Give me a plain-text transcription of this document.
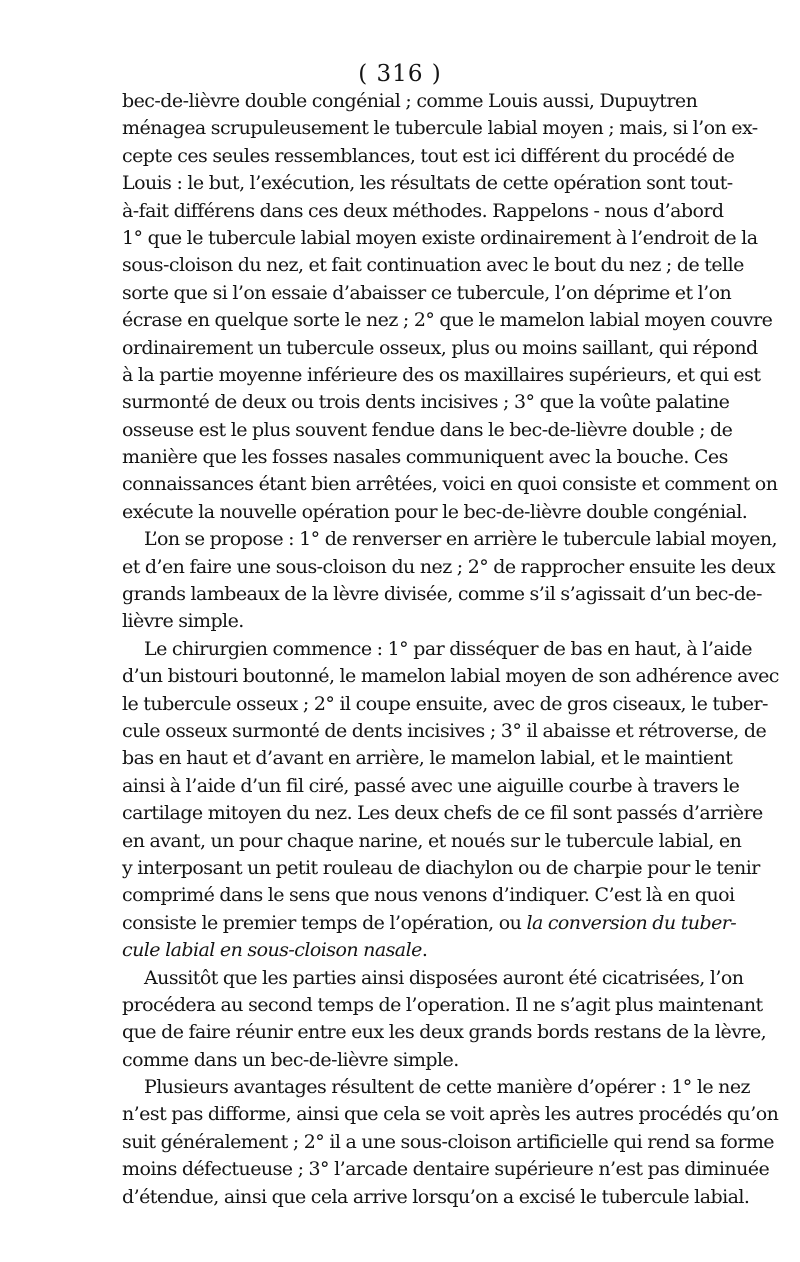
( 316 )

bec-de-lièvre double congénial ; comme Louis aussi, Dupuytren
ménagea scrupuleusement le tubercule labial moyen ; mais, si l’on ex-
cepte ces seules ressemblances, tout est ici différent du procédé de
Louis : le but, l’exécution, les résultats de cette opération sont tout-
à-fait différens dans ces deux méthodes. Rappelons - nous d’abord
1° que le tubercule labial moyen existe ordinairement à l’endroit de la
sous-cloison du nez, et fait continuation avec le bout du nez ; de telle
sorte que si l’on essaie d’abaisser ce tubercule, l’on déprime et l’on
écrase en quelque sorte le nez ; 2° que le mamelon labial moyen couvre
ordinairement un tubercule osseux, plus ou moins saillant, qui répond
à la partie moyenne inférieure des os maxillaires supérieurs, et qui est
surmonté de deux ou trois dents incisives ; 3° que la voûte palatine
osseuse est le plus souvent fendue dans le bec-de-lièvre double ; de
manière que les fosses nasales communiquent avec la bouche. Ces
connaissances étant bien arrêtées, voici en quoi consiste et comment on
exécute la nouvelle opération pour le bec-de-lièvre double congénial.
L’on se propose : 1° de renverser en arrière le tubercule labial moyen,
et d’en faire une sous-cloison du nez ; 2° de rapprocher ensuite les deux
grands lambeaux de la lèvre divisée, comme s’il s’agissait d’un bec-de-
lièvre simple.
Le chirurgien commence : 1° par disséquer de bas en haut, à l’aide
d’un bistouri boutonné, le mamelon labial moyen de son adhérence avec
le tubercule osseux ; 2° il coupe ensuite, avec de gros ciseaux, le tuber-
cule osseux surmonté de dents incisives ; 3° il abaisse et rétroverse, de
bas en haut et d’avant en arrière, le mamelon labial, et le maintient
ainsi à l’aide d’un fil ciré, passé avec une aiguille courbe à travers le
cartilage mitoyen du nez. Les deux chefs de ce fil sont passés d’arrière
en avant, un pour chaque narine, et noués sur le tubercule labial, en
y interposant un petit rouleau de diachylon ou de charpie pour le tenir
comprimé dans le sens que nous venons d’indiquer. C’est là en quoi
consiste le premier temps de l’opération, ou la conversion du tuber-
cule labial en sous-cloison nasale.
Aussitôt que les parties ainsi disposées auront été cicatrisées, l’on
procédera au second temps de l’operation. Il ne s’agit plus maintenant
que de faire réunir entre eux les deux grands bords restans de la lèvre,
comme dans un bec-de-lièvre simple.
Plusieurs avantages résultent de cette manière d’opérer : 1° le nez
n’est pas difforme, ainsi que cela se voit après les autres procédés qu’on
suit généralement ; 2° il a une sous-cloison artificielle qui rend sa forme
moins défectueuse ; 3° l’arcade dentaire supérieure n’est pas diminuée
d’étendue, ainsi que cela arrive lorsqu’on a excisé le tubercule labial.
